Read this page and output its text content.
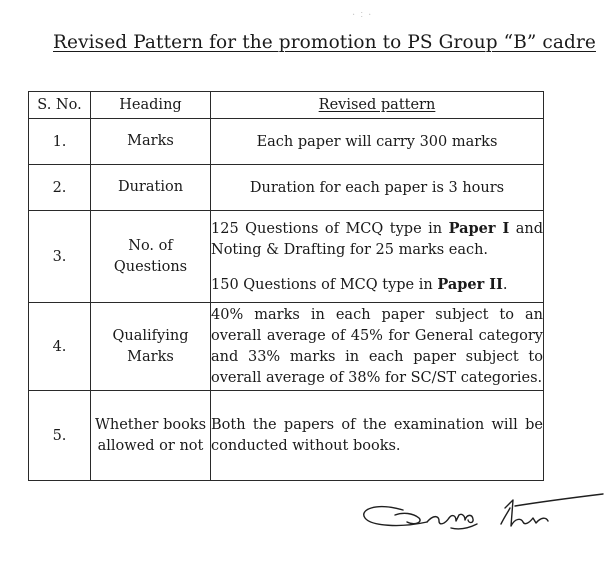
· ∶ ·
Revised Pattern for the promotion to PS Group “B” cadre
S. No.	Heading	Revised pattern
1.	Marks	Each paper will carry 300 marks
2.	Duration	Duration for each paper is 3 hours
3.	No. of
Questions	125 Questions of MCQ type in Paper I and Noting & Drafting for 25 marks each.
150 Questions of MCQ type in Paper II.

4.	Qualifying
Marks	40% marks in each paper subject to an overall average of 45% for General category and 33% marks in each paper subject to overall average of 38% for SC/ST categories.

5.	Whether books
allowed or not	Both the papers of the examination will be conducted without books.
